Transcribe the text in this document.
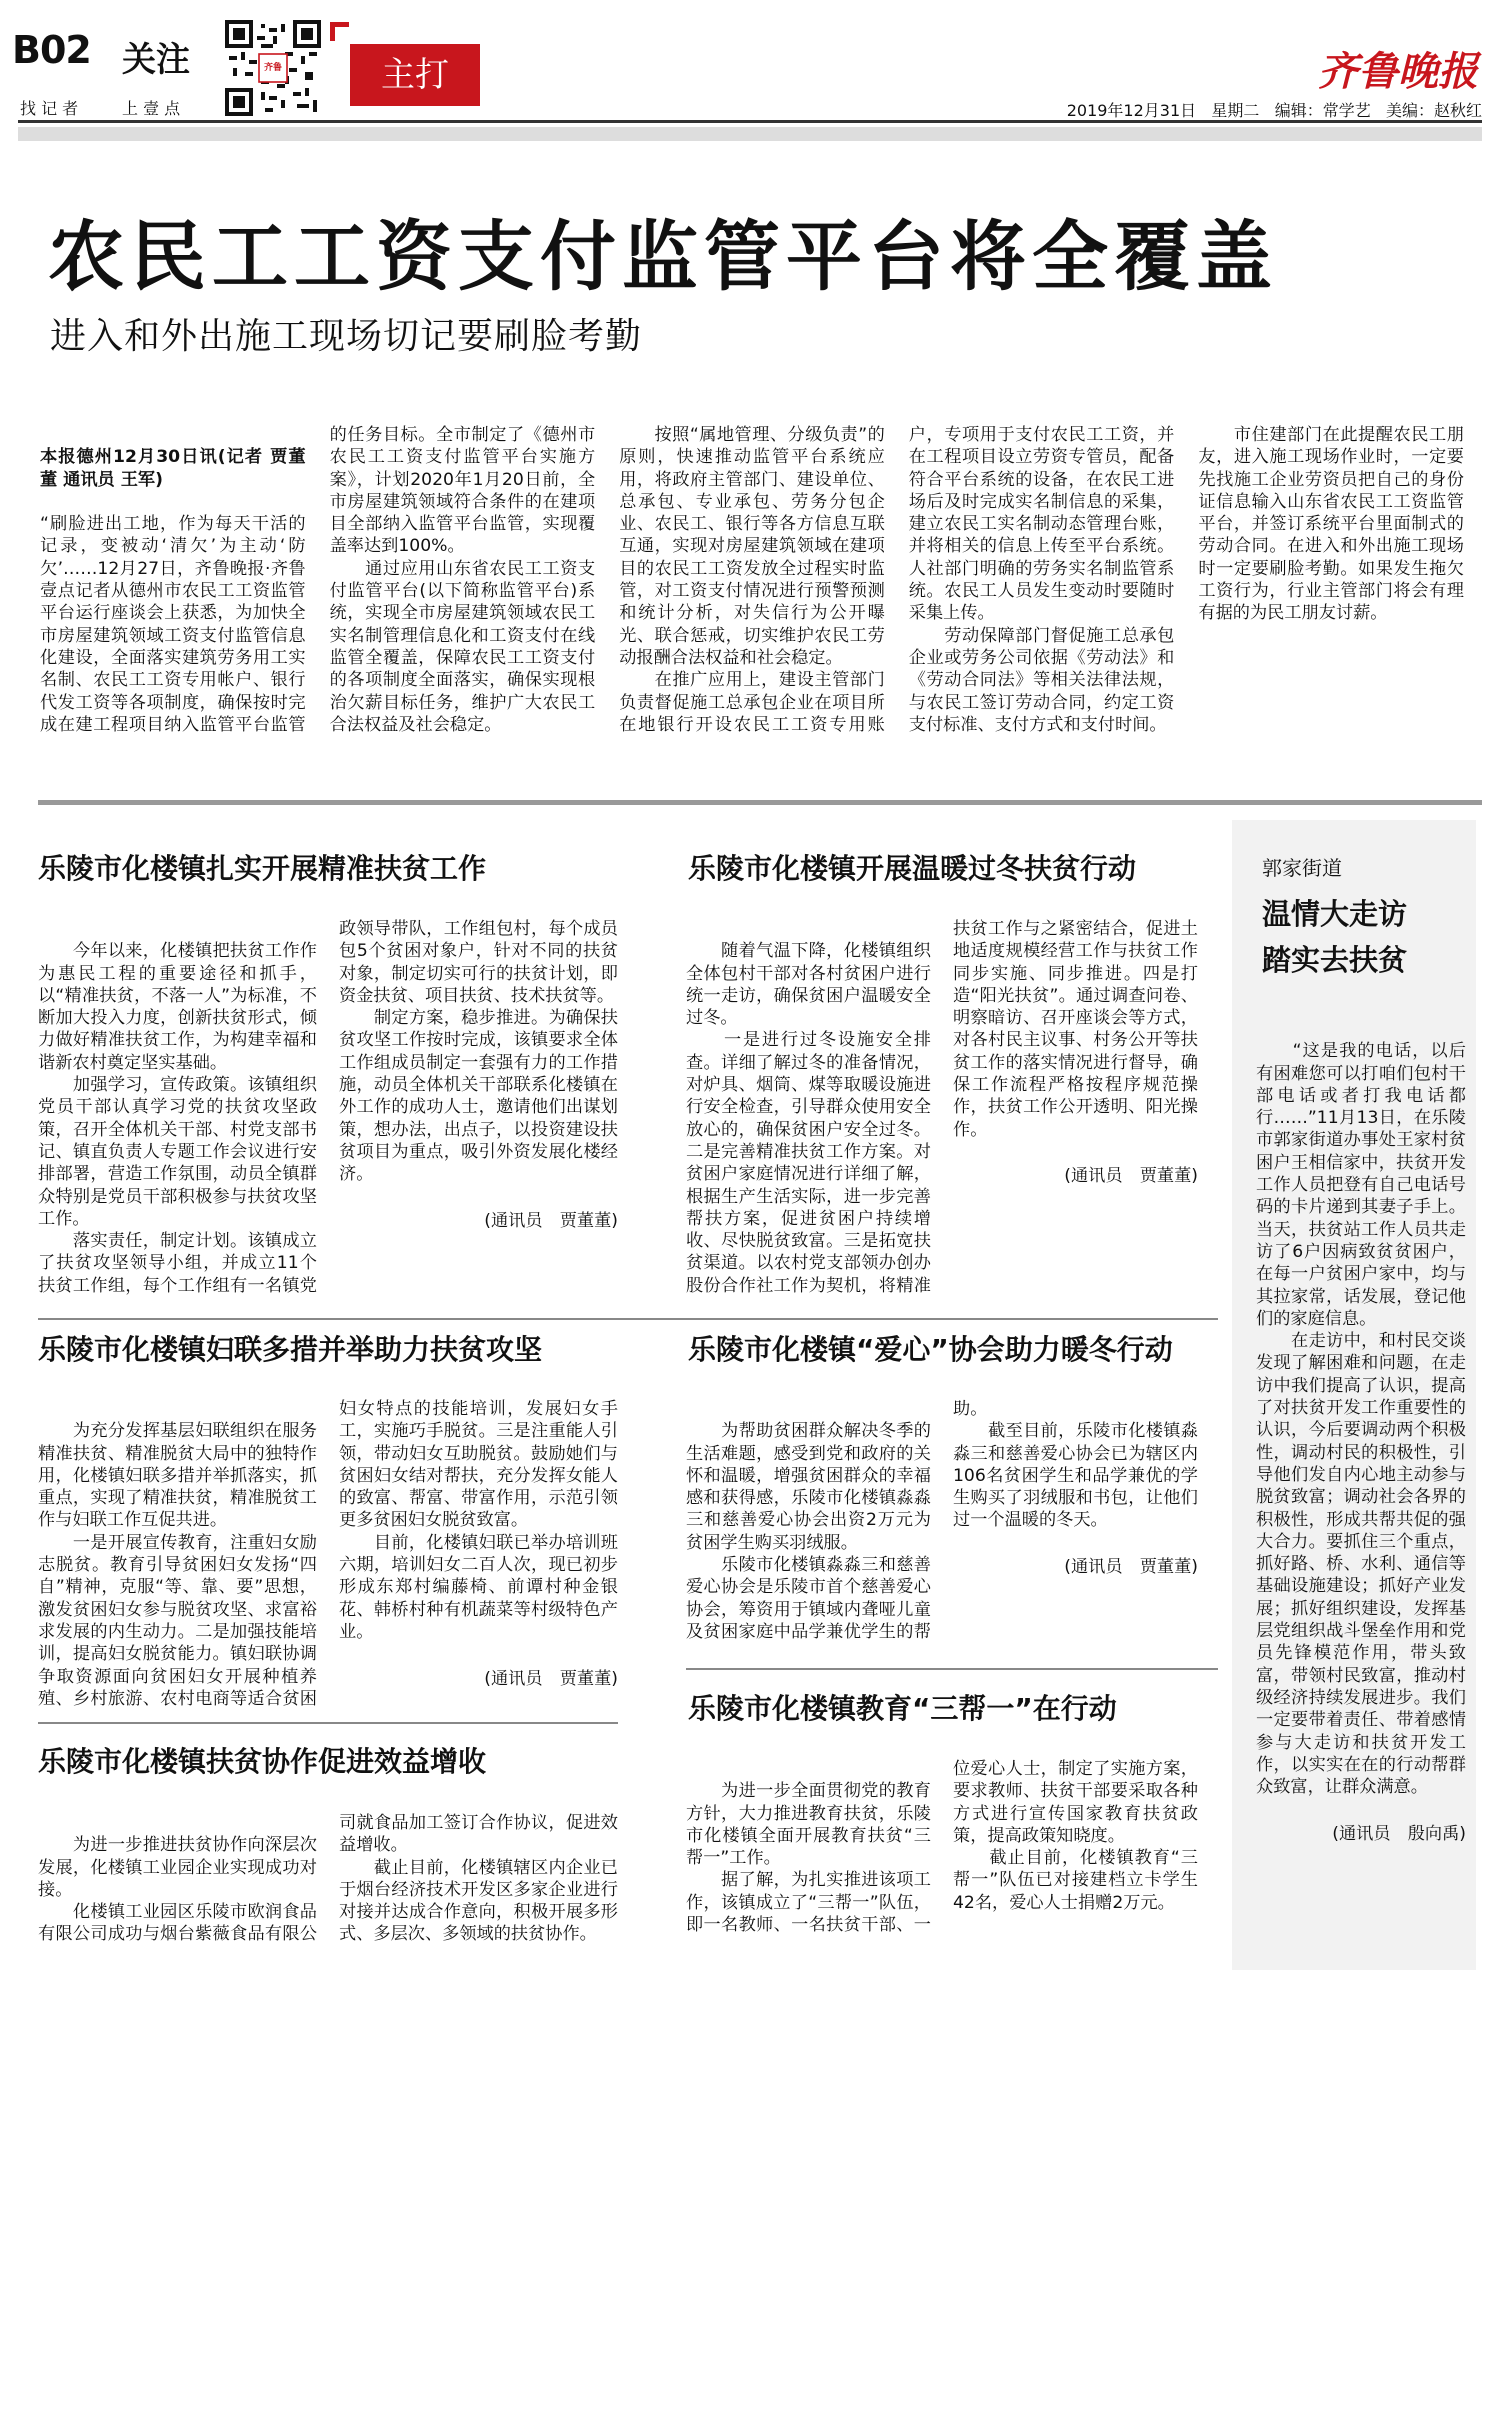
B02 关注
找 记 者	上 壹 点
齐鲁	主打	齐鲁晚报
2019年12月31日 星期二 编辑：常学艺 美编：赵秋红
农民工工资支付监管平台将全覆盖
进入和外出施工现场切记要刷脸考勤

本报德州12月30日讯(记者 贾董董 通讯员 王军)

“刷脸进出工地，作为每天干活的记录，变被动‘清欠’为主动‘防欠’……12月27日，齐鲁晚报·齐鲁壹点记者从德州市农民工工资监管平台运行座谈会上获悉，为加快全市房屋建筑领域工资支付监管信息化建设，全面落实建筑劳务用工实名制、农民工工资专用帐户、银行代发工资等各项制度，确保按时完成在建工程项目纳入监管平台监管的任务目标。全市制定了《德州市农民工工资支付监管平台实施方案》，计划2020年1月20日前，全市房屋建筑领域符合条件的在建项目全部纳入监管平台监管，实现覆盖率达到100%。
　　通过应用山东省农民工工资支付监管平台(以下简称监管平台)系统，实现全市房屋建筑领域农民工实名制管理信息化和工资支付在线监管全覆盖，保障农民工工资支付的各项制度全面落实，确保实现根治欠薪目标任务，维护广大农民工合法权益及社会稳定。
　　按照“属地管理、分级负责”的原则，快速推动监管平台系统应用，将政府主管部门、建设单位、总承包、专业承包、劳务分包企业、农民工、银行等各方信息互联互通，实现对房屋建筑领域在建项目的农民工工资发放全过程实时监管，对工资支付情况进行预警预测和统计分析，对失信行为公开曝光、联合惩戒，切实维护农民工劳动报酬合法权益和社会稳定。
　　在推广应用上，建设主管部门负责督促施工总承包企业在项目所在地银行开设农民工工资专用账户，专项用于支付农民工工资，并在工程项目设立劳资专管员，配备符合平台系统的设备，在农民工进场后及时完成实名制信息的采集，建立农民工实名制动态管理台账，并将相关的信息上传至平台系统。人社部门明确的劳务实名制监管系统。农民工人员发生变动时要随时采集上传。
　　劳动保障部门督促施工总承包企业或劳务公司依据《劳动法》和《劳动合同法》等相关法律法规，与农民工签订劳动合同，约定工资支付标准、支付方式和支付时间。
　　市住建部门在此提醒农民工朋友，进入施工现场作业时，一定要先找施工企业劳资员把自己的身份证信息输入山东省农民工工资监管平台，并签订系统平台里面制式的劳动合同。在进入和外出施工现场时一定要刷脸考勤。如果发生拖欠工资行为，行业主管部门将会有理有据的为民工朋友讨薪。

乐陵市化楼镇扎实开展精准扶贫工作

　　今年以来，化楼镇把扶贫工作作为惠民工程的重要途径和抓手，以“精准扶贫，不落一人”为标准，不断加大投入力度，创新扶贫形式，倾力做好精准扶贫工作，为构建幸福和谐新农村奠定坚实基础。
　　加强学习，宣传政策。该镇组织党员干部认真学习党的扶贫攻坚政策，召开全体机关干部、村党支部书记、镇直负责人专题工作会议进行安排部署，营造工作氛围，动员全镇群众特别是党员干部积极参与扶贫攻坚工作。
　　落实责任，制定计划。该镇成立了扶贫攻坚领导小组，并成立11个扶贫工作组，每个工作组有一名镇党政领导带队，工作组包村，每个成员包5个贫困对象户，针对不同的扶贫对象，制定切实可行的扶贫计划，即资金扶贫、项目扶贫、技术扶贫等。
　　制定方案，稳步推进。为确保扶贫攻坚工作按时完成，该镇要求全体工作组成员制定一套强有力的工作措施，动员全体机关干部联系化楼镇在外工作的成功人士，邀请他们出谋划策，想办法，出点子，以投资建设扶贫项目为重点，吸引外资发展化楼经济。

(通讯员　贾董董)

乐陵市化楼镇开展温暖过冬扶贫行动

　　随着气温下降，化楼镇组织全体包村干部对各村贫困户进行统一走访，确保贫困户温暖安全过冬。
　　一是进行过冬设施安全排查。详细了解过冬的准备情况，对炉具、烟筒、煤等取暖设施进行安全检查，引导群众使用安全放心的，确保贫困户安全过冬。二是完善精准扶贫工作方案。对贫困户家庭情况进行详细了解，根据生产生活实际，进一步完善帮扶方案，促进贫困户持续增收、尽快脱贫致富。三是拓宽扶贫渠道。以农村党支部领办创办股份合作社工作为契机，将精准扶贫工作与之紧密结合，促进土地适度规模经营工作与扶贫工作同步实施、同步推进。四是打造“阳光扶贫”。通过调查问卷、明察暗访、召开座谈会等方式，对各村民主议事、村务公开等扶贫工作的落实情况进行督导，确保工作流程严格按程序规范操作，扶贫工作公开透明、阳光操作。

(通讯员　贾董董)

乐陵市化楼镇妇联多措并举助力扶贫攻坚

　　为充分发挥基层妇联组织在服务精准扶贫、精准脱贫大局中的独特作用，化楼镇妇联多措并举抓落实，抓重点，实现了精准扶贫，精准脱贫工作与妇联工作互促共进。
　　一是开展宣传教育，注重妇女励志脱贫。教育引导贫困妇女发扬“四自”精神，克服“等、靠、要”思想，激发贫困妇女参与脱贫攻坚、求富裕求发展的内生动力。二是加强技能培训，提高妇女脱贫能力。镇妇联协调争取资源面向贫困妇女开展种植养殖、乡村旅游、农村电商等适合贫困妇女特点的技能培训，发展妇女手工，实施巧手脱贫。三是注重能人引领，带动妇女互助脱贫。鼓励她们与贫困妇女结对帮扶，充分发挥女能人的致富、帮富、带富作用，示范引领更多贫困妇女脱贫致富。
　　目前，化楼镇妇联已举办培训班六期，培训妇女二百人次，现已初步形成东郑村编藤椅、前谭村种金银花、韩桥村种有机蔬菜等村级特色产业。

(通讯员　贾董董)

乐陵市化楼镇“爱心”协会助力暖冬行动

　　为帮助贫困群众解决冬季的生活难题，感受到党和政府的关怀和温暖，增强贫困群众的幸福感和获得感，乐陵市化楼镇淼淼三和慈善爱心协会出资2万元为贫困学生购买羽绒服。
　　乐陵市化楼镇淼淼三和慈善爱心协会是乐陵市首个慈善爱心协会，筹资用于镇域内聋哑儿童及贫困家庭中品学兼优学生的帮助。
　　截至目前，乐陵市化楼镇淼淼三和慈善爱心协会已为辖区内106名贫困学生和品学兼优的学生购买了羽绒服和书包，让他们过一个温暖的冬天。

(通讯员　贾董董)

乐陵市化楼镇教育“三帮一”在行动

　　为进一步全面贯彻党的教育方针，大力推进教育扶贫，乐陵市化楼镇全面开展教育扶贫“三帮一”工作。
　　据了解，为扎实推进该项工作，该镇成立了“三帮一”队伍，即一名教师、一名扶贫干部、一位爱心人士，制定了实施方案，要求教师、扶贫干部要采取各种方式进行宣传国家教育扶贫政策，提高政策知晓度。
　　截止目前，化楼镇教育“三帮一”队伍已对接建档立卡学生42名，爱心人士捐赠2万元。

乐陵市化楼镇扶贫协作促进效益增收

　　为进一步推进扶贫协作向深层次发展，化楼镇工业园企业实现成功对接。
　　化楼镇工业园区乐陵市欧润食品有限公司成功与烟台紫薇食品有限公司就食品加工签订合作协议，促进效益增收。
　　截止目前，化楼镇辖区内企业已于烟台经济技术开发区多家企业进行对接并达成合作意向，积极开展多形式、多层次、多领域的扶贫协作。

郭家街道
温情大走访
踏实去扶贫

　　“这是我的电话，以后有困难您可以打咱们包村干部电话或者打我电话都行……”11月13日，在乐陵市郭家街道办事处王家村贫困户王相信家中，扶贫开发工作人员把登有自己电话号码的卡片递到其妻子手上。当天，扶贫站工作人员共走访了6户因病致贫贫困户，在每一户贫困户家中，均与其拉家常，话发展，登记他们的家庭信息。
　　在走访中，和村民交谈发现了解困难和问题，在走访中我们提高了认识，提高了对扶贫开发工作重要性的认识，今后要调动两个积极性，调动村民的积极性，引导他们发自内心地主动参与脱贫致富；调动社会各界的积极性，形成共帮共促的强大合力。要抓住三个重点，抓好路、桥、水利、通信等基础设施建设；抓好产业发展；抓好组织建设，发挥基层党组织战斗堡垒作用和党员先锋模范作用，带头致富，带领村民致富，推动村级经济持续发展进步。我们一定要带着责任、带着感情参与大走访和扶贫开发工作，以实实在在的行动帮群众致富，让群众满意。

(通讯员　殷向禹)
